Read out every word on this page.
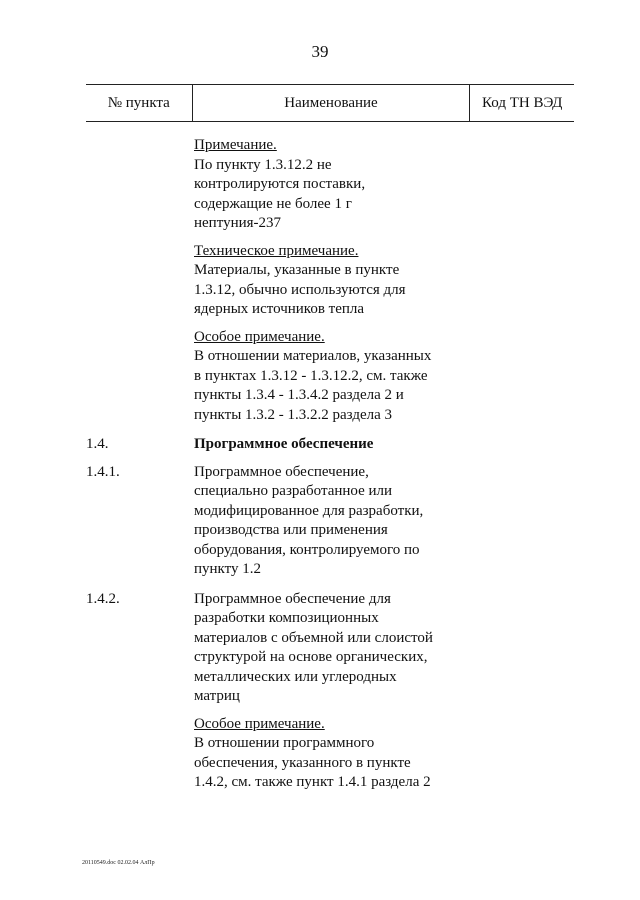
39
№ пункта	Наименование	Код ТН ВЭД
Примечание.
По пункту 1.3.12.2 не
контролируются поставки,
содержащие не более 1 г
нептуния-237
Техническое примечание.
Материалы, указанные в пункте
1.3.12, обычно используются для
ядерных источников тепла
Особое примечание.
В отношении материалов, указанных
в пунктах 1.3.12 - 1.3.12.2, см. также
пункты 1.3.4 - 1.3.4.2 раздела 2 и
пункты 1.3.2 - 1.3.2.2 раздела 3
1.4.	Программное обеспечение
1.4.1.	Программное обеспечение,
специально разработанное или
модифицированное для разработки,
производства или применения
оборудования, контролируемого по
пункту 1.2
1.4.2.	Программное обеспечение для
разработки композиционных
материалов с объемной или слоистой
структурой на основе органических,
металлических или углеродных
матриц
Особое примечание.
В отношении программного
обеспечения, указанного в пункте
1.4.2, см. также пункт 1.4.1 раздела 2
20110549.doc 02.02.04 АлПр
